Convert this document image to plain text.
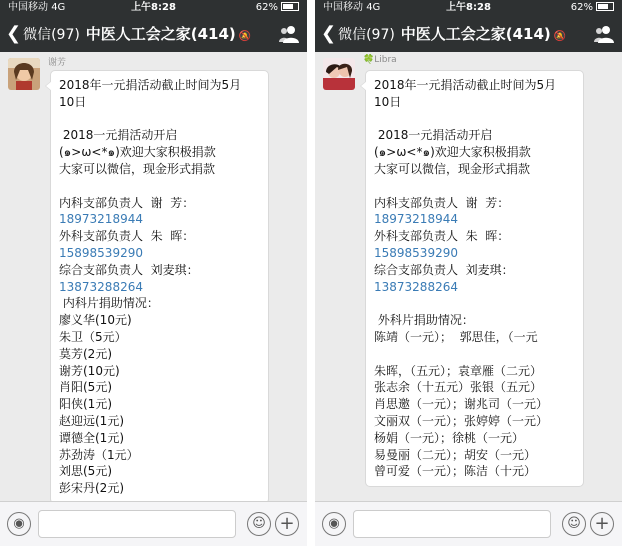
中国移动 4G	上午8:28	62%
❮ 微信(97) 中医人工会之家(414) 🔕
谢芳
2018年一元捐活动截止时间为5月
10日
2018一元捐活动开启
(๑>ω<*๑)欢迎大家积极捐款
大家可以微信，现金形式捐款
内科支部负责人  谢  芳：
18973218944
外科支部负责人  朱  晖：
15898539290
综合支部负责人  刘麦琪：
13873288264
内科片捐助情况：
廖义华(10元)
朱卫（5元）
莫芳(2元)
谢芳(10元)
肖阳(5元)
阳侠(1元)
赵迎远(1元)
谭德全(1元)
苏劲涛（1元）
刘思(5元)
彭宋丹(2元)
◉	☺ +
中国移动 4G	上午8:28	62%
❮ 微信(97) 中医人工会之家(414) 🔕
🍀Libra
2018年一元捐活动截止时间为5月
10日
2018一元捐活动开启
(๑>ω<*๑)欢迎大家积极捐款
大家可以微信，现金形式捐款
内科支部负责人  谢  芳：
18973218944
外科支部负责人  朱  晖：
15898539290
综合支部负责人  刘麦琪：
13873288264
外科片捐助情况：
陈靖（一元）；  郭思佳，（一元
朱晖，（五元）；袁章雁（二元）
张志余（十五元）张银（五元）
肖思邀（一元）；谢兆司（一元）
文丽双（一元）；张婷婷（一元）
杨娟（一元）；徐桃（一元）
易曼丽（二元）；胡安（一元）
曾可爱（一元）；陈洁（十元）
◉	☺ +
